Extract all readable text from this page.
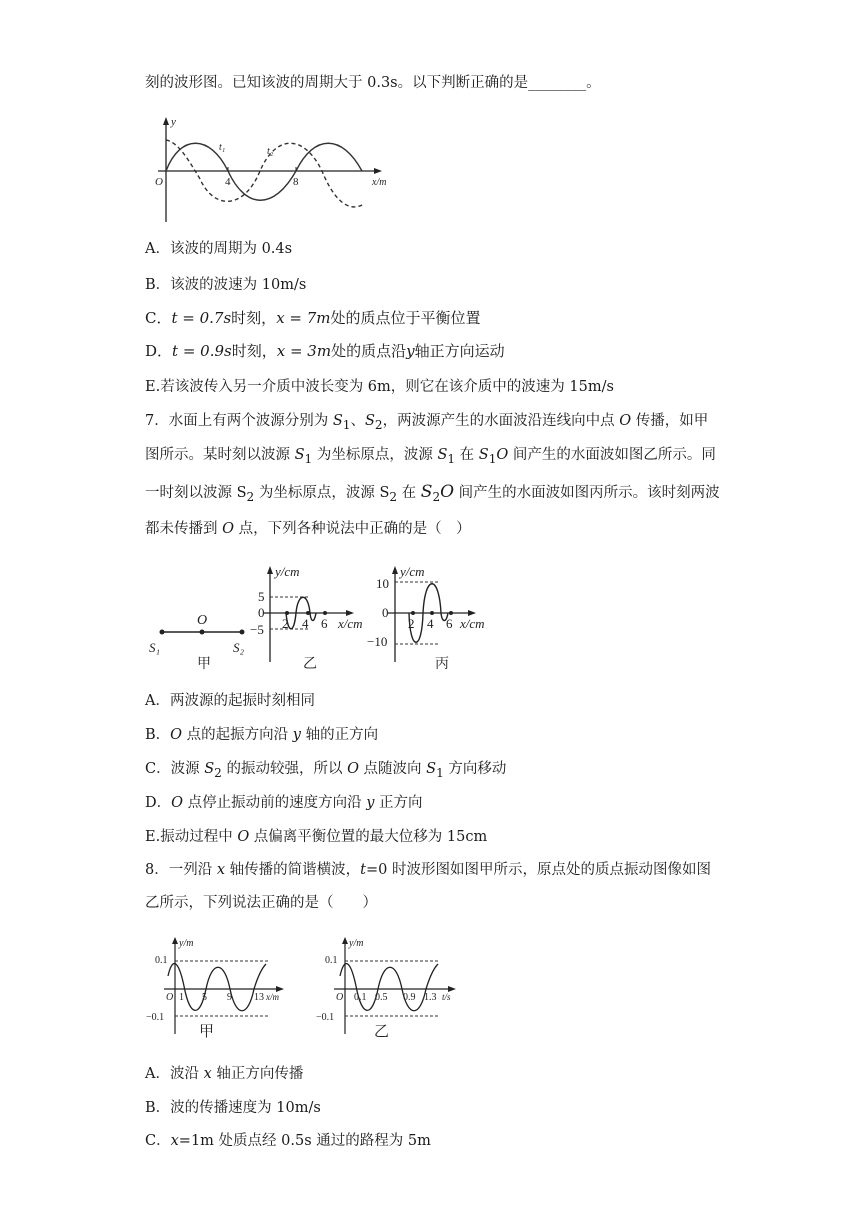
刻的波形图。已知该波的周期大于 0.3s。以下判断正确的是________。
y
O	4	8	x/m
t₁	t₂
A．该波的周期为 0.4s
B．该波的波速为 10m/s
C．t = 0.7s时刻，x = 7m处的质点位于平衡位置
D．t = 0.9s时刻，x = 3m处的质点沿y轴正方向运动
E.若该波传入另一介质中波长变为 6m，则它在该介质中的波速为 15m/s
7．水面上有两个波源分别为 $S_1$、$S_2$，两波源产生的水面波沿连线向中点 O 传播，如甲
图所示。某时刻以波源 $S_1$ 为坐标原点，波源 $S_1$ 在 $S_1O$ 间产生的水面波如图乙所示。同
一时刻以波源 $S_2$ 为坐标原点，波源 $S_2$ 在 $S_2O$ 间产生的水面波如图丙所示。该时刻两波
都未传播到 O 点，下列各种说法中正确的是（　）
O
S₁	S₂
甲
y/cm
5
0
−5 2 4 6 x/cm
乙
y/cm
10
0
−10
2 4 6 x/cm
丙
A．两波源的起振时刻相同
B．O 点的起振方向沿 y 轴的正方向
C．波源 $S_2$ 的振动较强，所以 O 点随波向 $S_1$ 方向移动
D．O 点停止振动前的速度方向沿 y 正方向
E.振动过程中 O 点偏离平衡位置的最大位移为 15cm
8．一列沿 x 轴传播的简谐横波，t=0 时波形图如图甲所示，原点处的质点振动图像如图
乙所示，下列说法正确的是（　　）
y/m
0.1
−0.1
O 1 5 9 13 x/m
甲
y/m
0.1
−0.1
O 0.1 0.5 0.9 1.3 t/s
乙
A．波沿 x 轴正方向传播
B．波的传播速度为 10m/s
C．x=1m 处质点经 0.5s 通过的路程为 5m
